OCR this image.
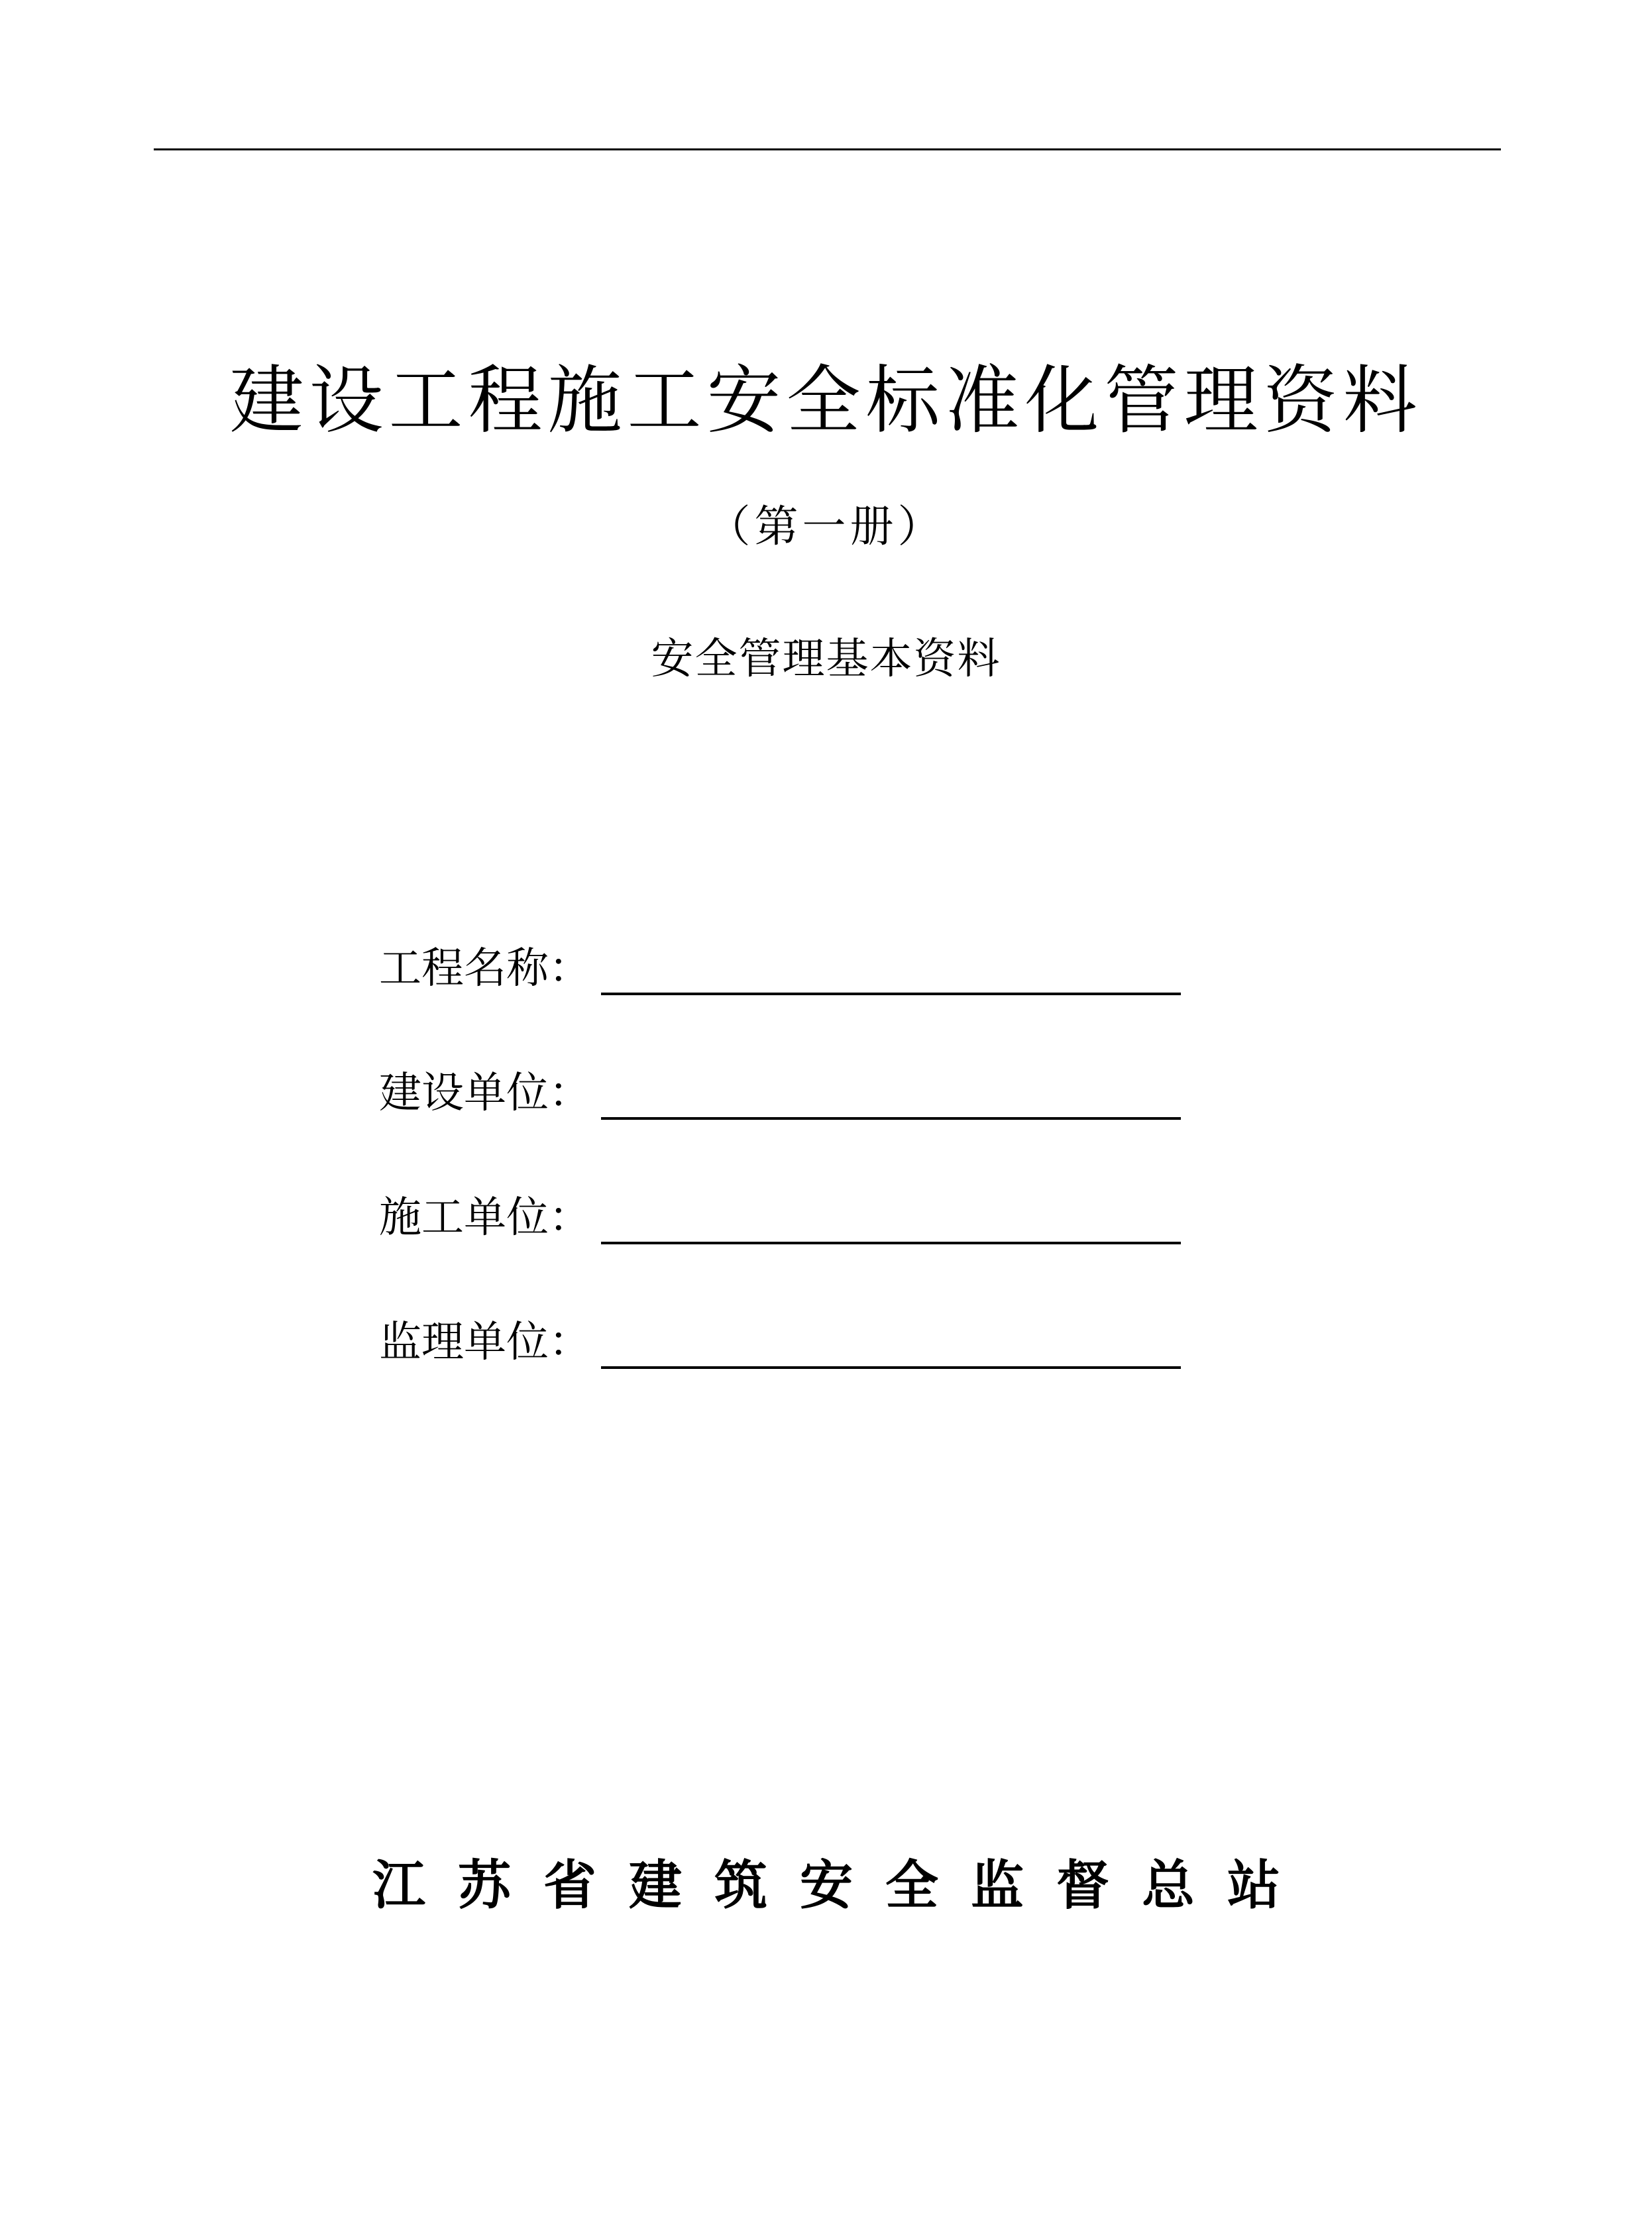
建设工程施工安全标准化管理资料
（第一册）
安全管理基本资料
工程名称：
建设单位：
施工单位：
监理单位：
江苏省建筑安全监督总站
